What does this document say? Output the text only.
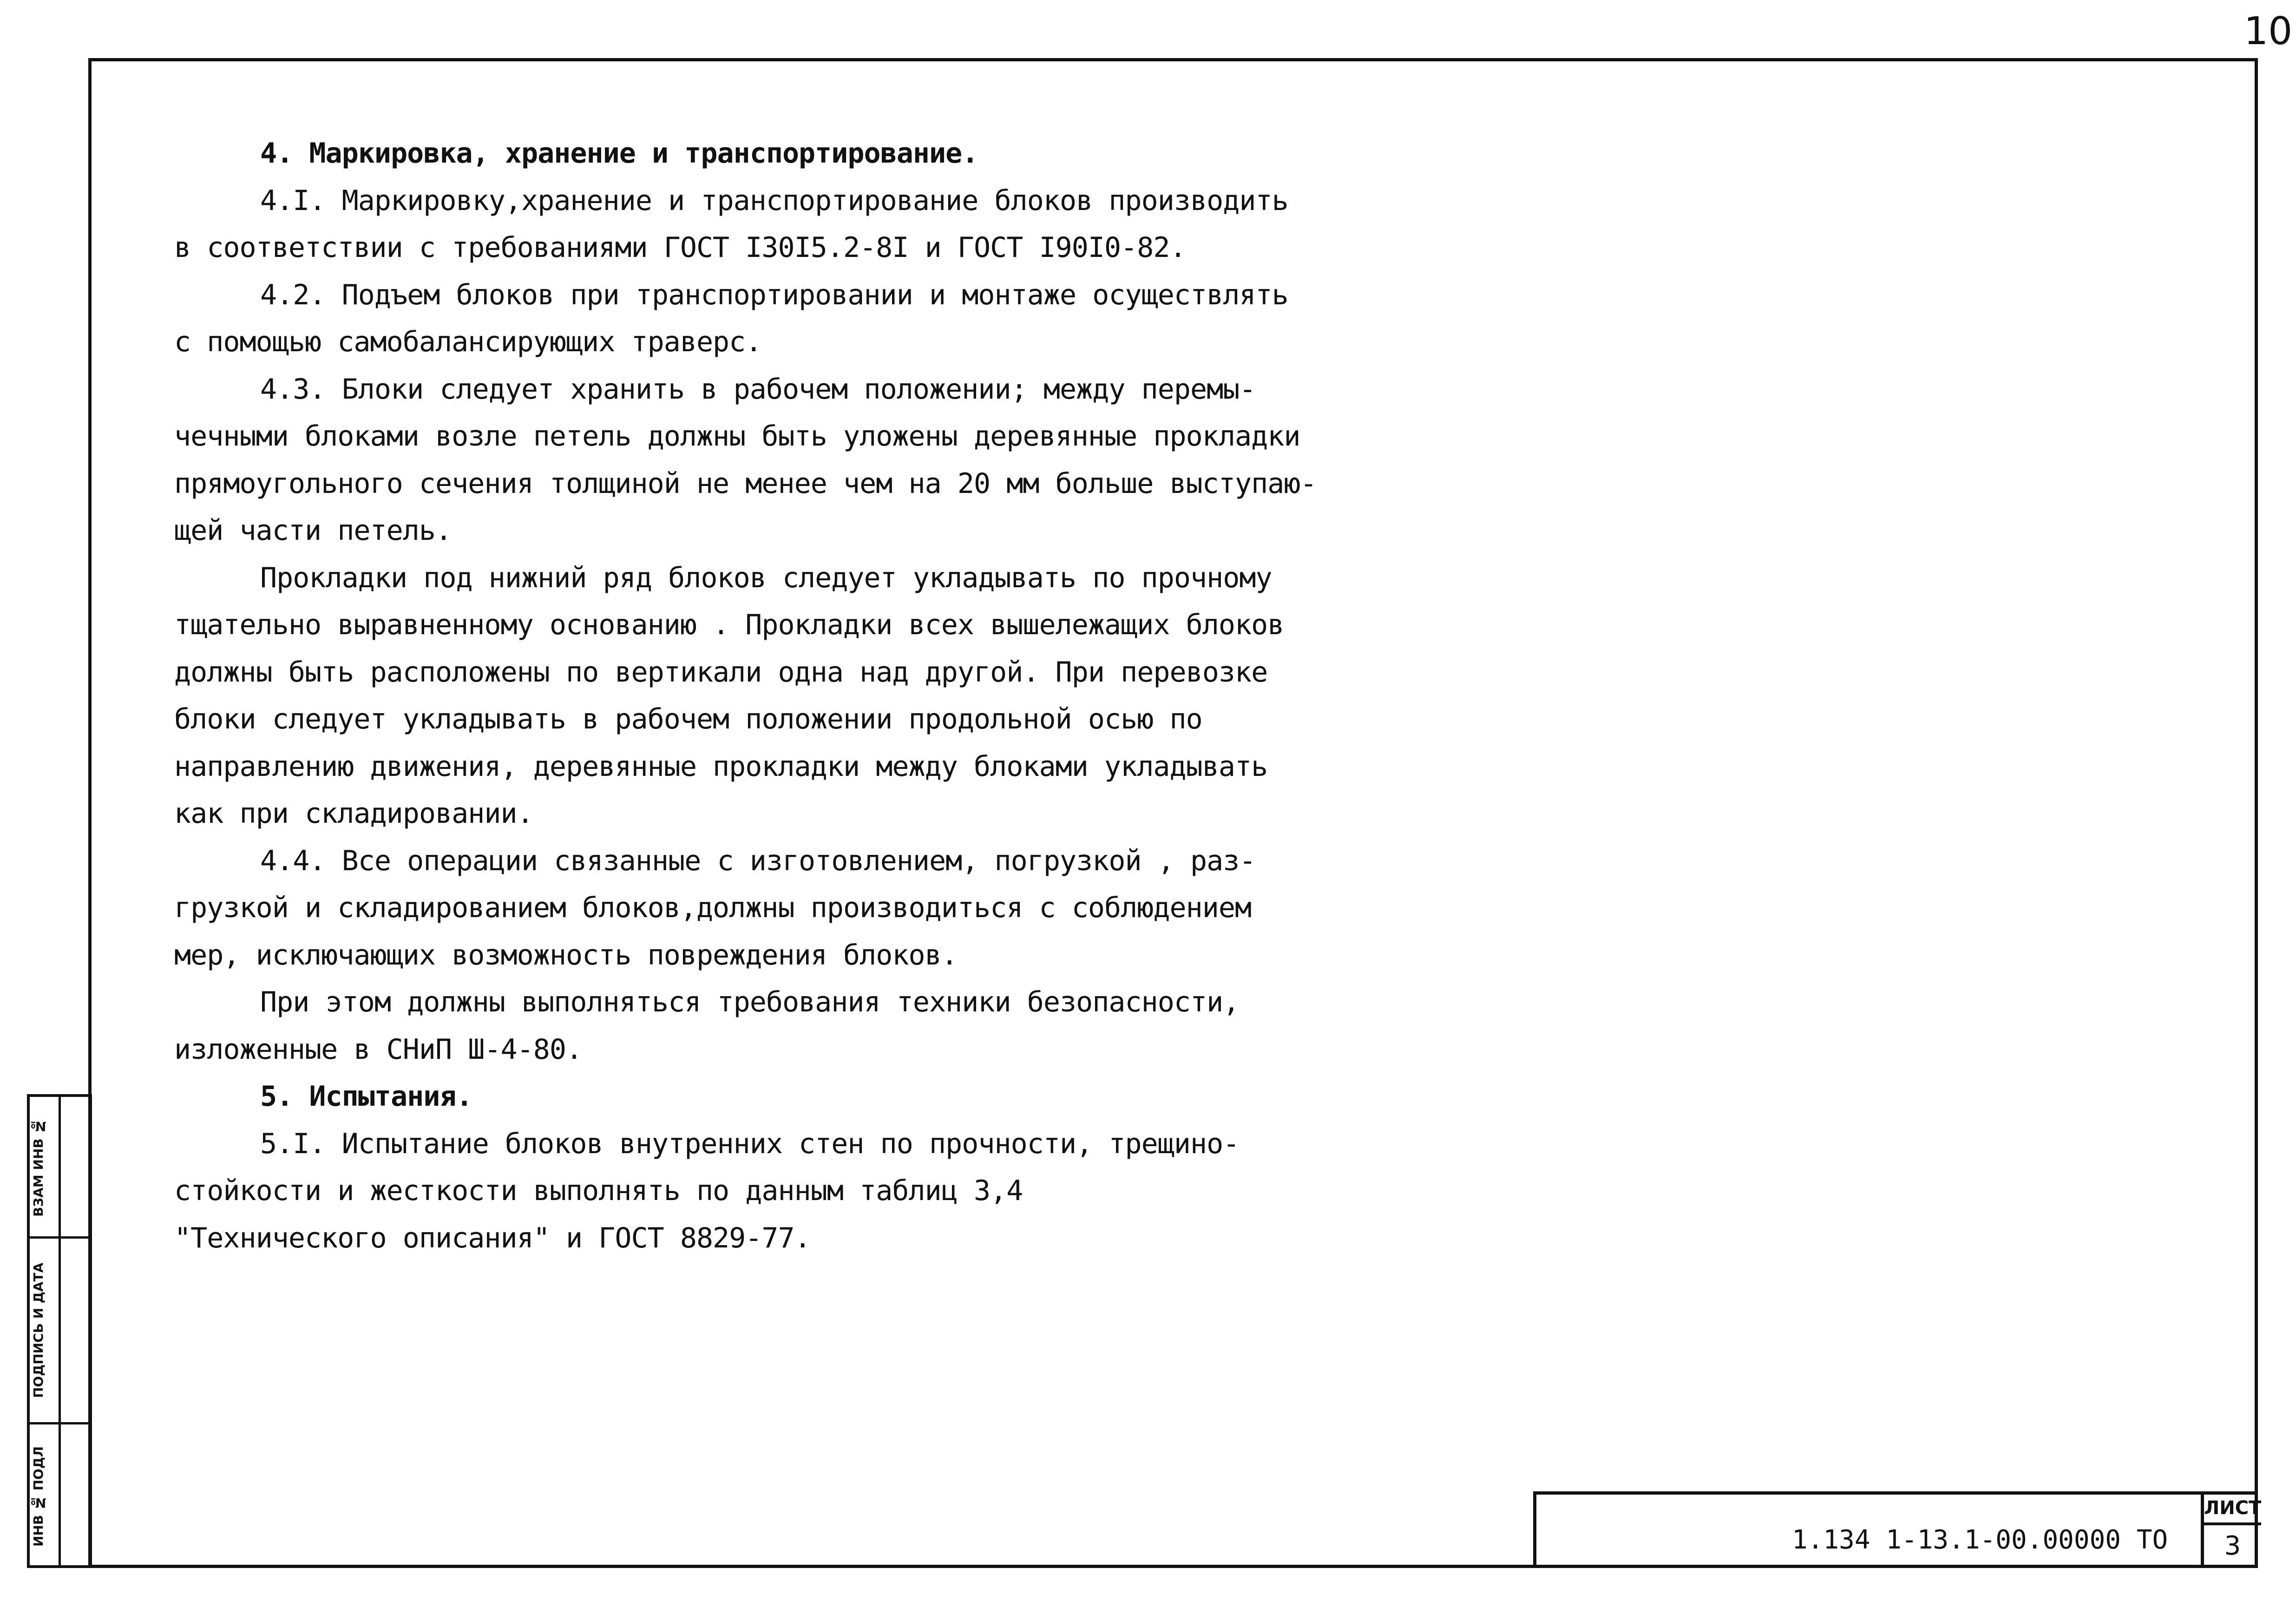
10
4. Маркировка, хранение и транспортирование.
4.I. Маркировку,хранение и транспортирование блоков производить
в соответствии с требованиями ГОСТ I30I5.2-8I и ГОСТ I90I0-82.
4.2. Подъем блоков при транспортировании и монтаже осуществлять
с помощью самобалансирующих траверс.
4.3. Блоки следует хранить в рабочем положении; между перемы-
чечными блоками возле петель должны быть уложены деревянные прокладки
прямоугольного сечения толщиной не менее чем на 20 мм больше выступаю-
щей части петель.
Прокладки под нижний ряд блоков следует укладывать по прочному
тщательно выравненному основанию . Прокладки всех вышележащих блоков
должны быть расположены по вертикали одна над другой. При перевозке
блоки следует укладывать в рабочем положении продольной осью по
направлению движения, деревянные прокладки между блоками укладывать
как при складировании.
4.4. Все операции связанные с изготовлением, погрузкой , раз-
грузкой и складированием блоков,должны производиться с соблюдением
мер, исключающих возможность повреждения блоков.
При этом должны выполняться требования техники безопасности,
изложенные в СНиП Ш-4-80.
5. Испытания.
5.I. Испытание блоков внутренних стен по прочности, трещино-
стойкости и жесткости выполнять по данным таблиц 3,4
"Технического описания" и ГОСТ 8829-77.
ВЗАМ ИНВ №
ПОДПИСЬ И ДАТА
ИНВ № ПОДЛ	1.134 1-13.1-00.00000 ТО
ЛИСТ
3
